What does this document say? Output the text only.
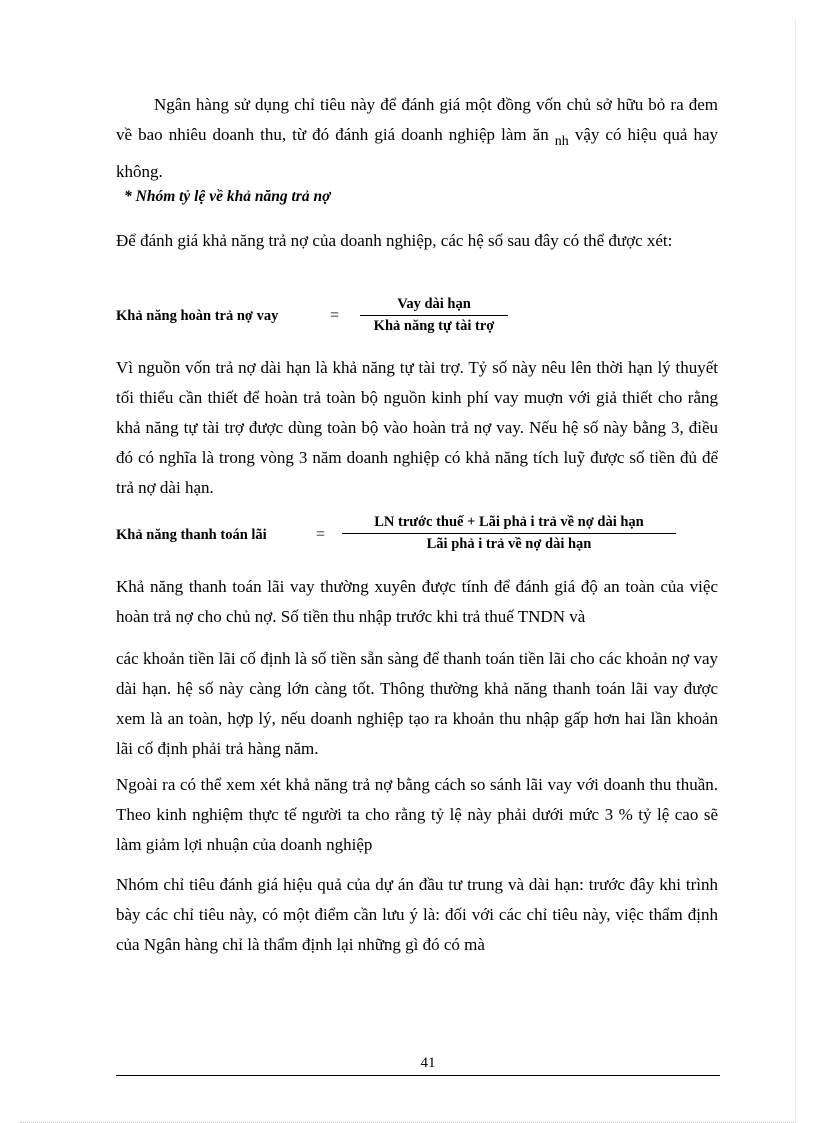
Ngân hàng sử dụng chỉ tiêu này để đánh giá một đồng vốn chủ sở hữu bỏ ra đem về bao nhiêu doanh thu, từ đó đánh giá doanh nghiệp làm ăn $_{nh}$ vậy có hiệu quả hay không.

* Nhóm tỷ lệ về khả năng trả nợ

Để đánh giá khả năng trả nợ của doanh nghiệp, các hệ số sau đây có thể được xét:

Khả năng hoàn trả nợ vay	=
Vay dài hạn
Khả năng tự tài trợ

Vì nguồn vốn trả nợ dài hạn là khả năng tự tài trợ. Tỷ số này nêu lên thời hạn lý thuyết tối thiểu cần thiết để hoàn trả toàn bộ nguồn kinh phí vay muợn với giả thiết cho rằng khả năng tự tài trợ được dùng toàn bộ vào hoàn trả nợ vay. Nếu hệ số này bằng 3, điều đó có nghĩa là trong vòng 3 năm doanh nghiệp có khả năng tích luỹ được số tiền đủ để trả nợ dài hạn.

Khả năng thanh toán lãi	=
LN trước thuế + Lãi phả i trả về nợ dài hạn
Lãi phả i trả về nợ dài hạn

Khả năng thanh toán lãi vay thường xuyên được tính để đánh giá độ an toàn của việc hoàn trả nợ cho chủ nợ. Số tiền thu nhập trước khi trả thuế TNDN và

các khoản tiền lãi cố định là số tiền sẵn sàng để thanh toán tiền lãi cho các khoản nợ vay dài hạn. hệ số này càng lớn càng tốt. Thông thường khả năng thanh toán lãi vay được xem là an toàn, hợp lý, nếu doanh nghiệp tạo ra khoản thu nhập gấp hơn hai lần khoản lãi cố định phải trả hàng năm.

Ngoài ra có thể xem xét khả năng trả nợ bằng cách so sánh lãi vay với doanh thu thuần. Theo kinh nghiệm thực tế người ta cho rằng tỷ lệ này phải dưới mức 3 % tỷ lệ cao sẽ làm giảm lợi nhuận của doanh nghiệp

Nhóm chỉ tiêu đánh giá hiệu quả của dự án đầu tư trung và dài hạn: trước đây khi trình bày các chỉ tiêu này, có một điểm cần lưu ý là: đối với các chỉ tiêu này, việc thẩm định của Ngân hàng chỉ là thẩm định lại những gì đó có mà

41
